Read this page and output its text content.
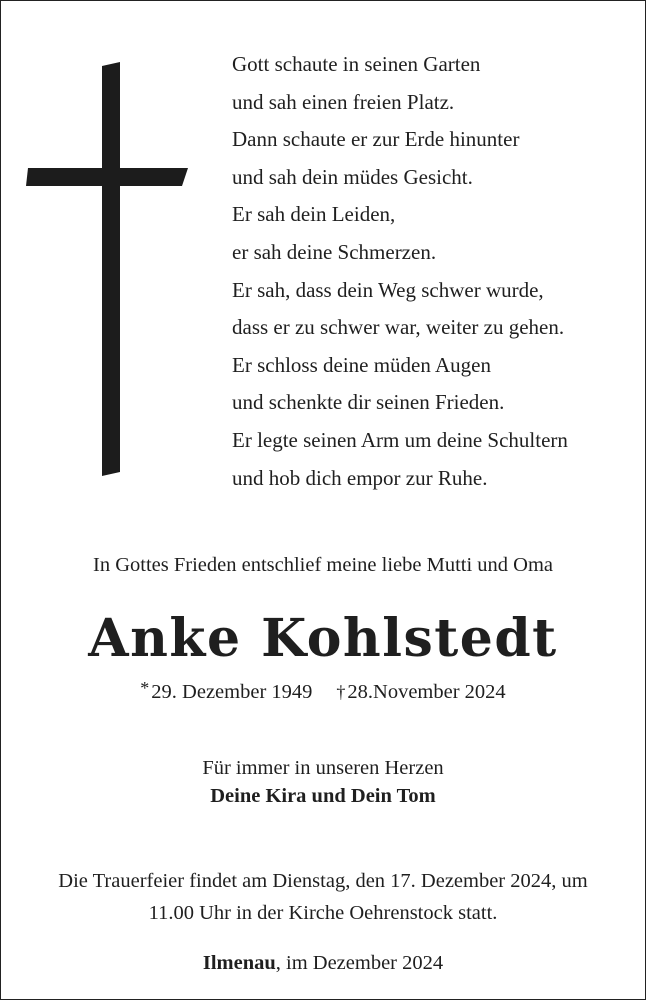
Gott schaute in seinen Garten
und sah einen freien Platz.
Dann schaute er zur Erde hinunter
und sah dein müdes Gesicht.
Er sah dein Leiden,
er sah deine Schmerzen.
Er sah, dass dein Weg schwer wurde,
dass er zu schwer war, weiter zu gehen.
Er schloss deine müden Augen
und schenkte dir seinen Frieden.
Er legte seinen Arm um deine Schultern
und hob dich empor zur Ruhe.
In Gottes Frieden entschlief meine liebe Mutti und Oma
Anke Kohlstedt
*29. Dezember 1949 †28.November 2024
Für immer in unseren Herzen
Deine Kira und Dein Tom
Die Trauerfeier findet am Dienstag, den 17. Dezember 2024, um
11.00 Uhr in der Kirche Oehrenstock statt.
Ilmenau, im Dezember 2024
